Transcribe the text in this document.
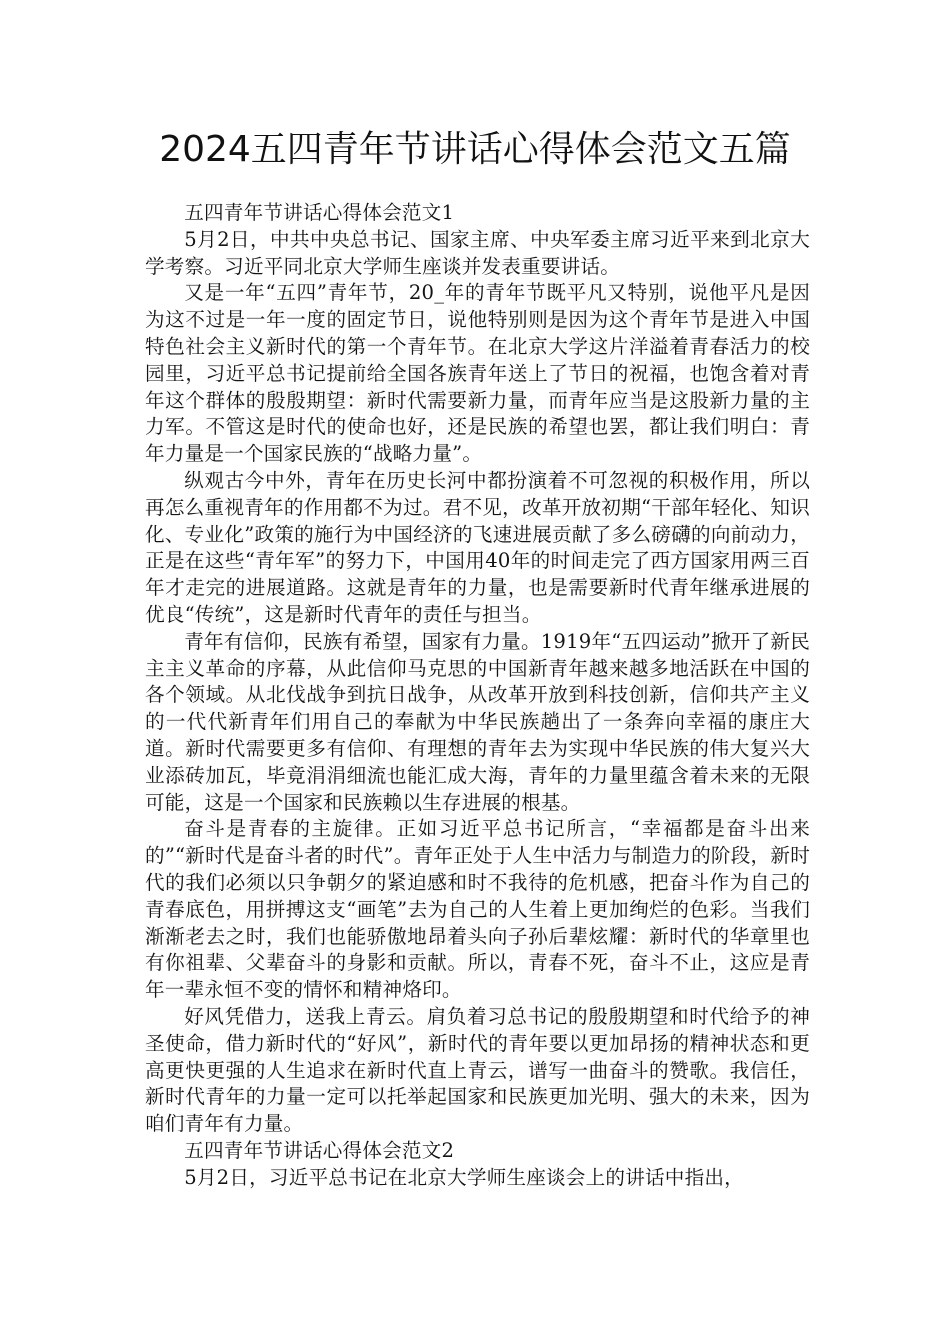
2024五四青年节讲话心得体会范文五篇

五四青年节讲话心得体会范文1

5月2日，中共中央总书记、国家主席、中央军委主席习近平来到北京大学考察。习近平同北京大学师生座谈并发表重要讲话。

又是一年“五四”青年节，20_年的青年节既平凡又特别，说他平凡是因为这不过是一年一度的固定节日，说他特别则是因为这个青年节是进入中国特色社会主义新时代的第一个青年节。在北京大学这片洋溢着青春活力的校园里，习近平总书记提前给全国各族青年送上了节日的祝福，也饱含着对青年这个群体的殷殷期望：新时代需要新力量，而青年应当是这股新力量的主力军。不管这是时代的使命也好，还是民族的希望也罢，都让我们明白：青年力量是一个国家民族的“战略力量”。

纵观古今中外，青年在历史长河中都扮演着不可忽视的积极作用，所以再怎么重视青年的作用都不为过。君不见，改革开放初期“干部年轻化、知识化、专业化”政策的施行为中国经济的飞速进展贡献了多么磅礴的向前动力，正是在这些“青年军”的努力下，中国用40年的时间走完了西方国家用两三百年才走完的进展道路。这就是青年的力量，也是需要新时代青年继承进展的优良“传统”，这是新时代青年的责任与担当。

青年有信仰，民族有希望，国家有力量。1919年“五四运动”掀开了新民主主义革命的序幕，从此信仰马克思的中国新青年越来越多地活跃在中国的各个领域。从北伐战争到抗日战争，从改革开放到科技创新，信仰共产主义的一代代新青年们用自己的奉献为中华民族趟出了一条奔向幸福的康庄大道。新时代需要更多有信仰、有理想的青年去为实现中华民族的伟大复兴大业添砖加瓦，毕竟涓涓细流也能汇成大海，青年的力量里蕴含着未来的无限可能，这是一个国家和民族赖以生存进展的根基。

奋斗是青春的主旋律。正如习近平总书记所言，“幸福都是奋斗出来的”“新时代是奋斗者的时代”。青年正处于人生中活力与制造力的阶段，新时代的我们必须以只争朝夕的紧迫感和时不我待的危机感，把奋斗作为自己的青春底色，用拼搏这支“画笔”去为自己的人生着上更加绚烂的色彩。当我们渐渐老去之时，我们也能骄傲地昂着头向子孙后辈炫耀：新时代的华章里也有你祖辈、父辈奋斗的身影和贡献。所以，青春不死，奋斗不止，这应是青年一辈永恒不变的情怀和精神烙印。

好风凭借力，送我上青云。肩负着习总书记的殷殷期望和时代给予的神圣使命，借力新时代的“好风”，新时代的青年要以更加昂扬的精神状态和更高更快更强的人生追求在新时代直上青云，谱写一曲奋斗的赞歌。我信任，新时代青年的力量一定可以托举起国家和民族更加光明、强大的未来，因为咱们青年有力量。

五四青年节讲话心得体会范文2

5月2日，习近平总书记在北京大学师生座谈会上的讲话中指出，
